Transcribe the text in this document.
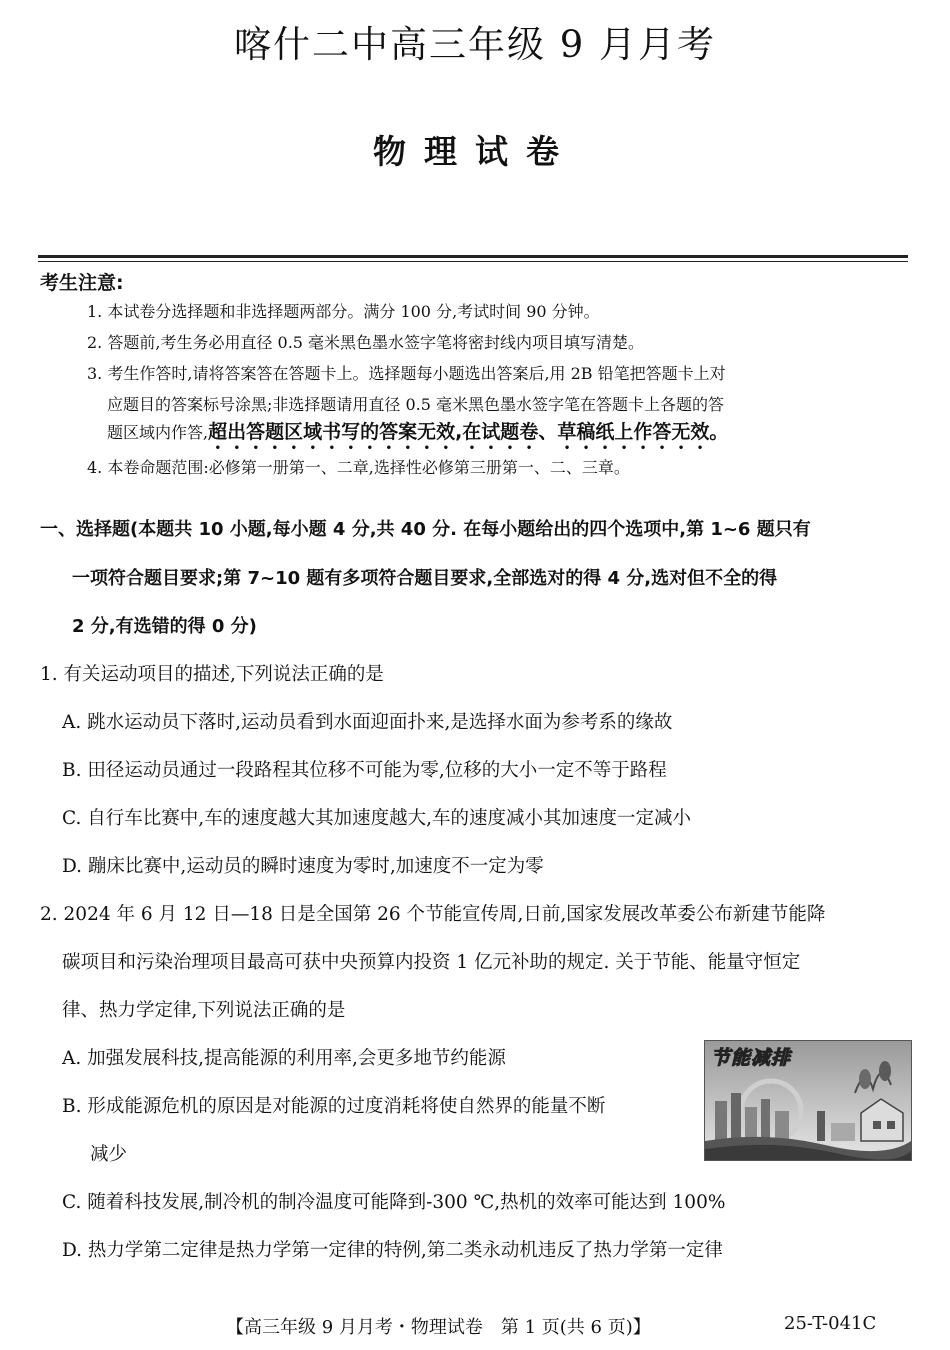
喀什二中高三年级 9 月月考
物理试卷
考生注意:
1. 本试卷分选择题和非选择题两部分。满分 100 分,考试时间 90 分钟。
2. 答题前,考生务必用直径 0.5 毫米黑色墨水签字笔将密封线内项目填写清楚。
3. 考生作答时,请将答案答在答题卡上。选择题每小题选出答案后,用 2B 铅笔把答题卡上对
应题目的答案标号涂黑;非选择题请用直径 0.5 毫米黑色墨水签字笔在答题卡上各题的答
题区域内作答,超出答题区域书写的答案无效,在试题卷、草稿纸上作答无效。
4. 本卷命题范围:必修第一册第一、二章,选择性必修第三册第一、二、三章。
一、选择题(本题共 10 小题,每小题 4 分,共 40 分. 在每小题给出的四个选项中,第 1~6 题只有
一项符合题目要求;第 7~10 题有多项符合题目要求,全部选对的得 4 分,选对但不全的得
2 分,有选错的得 0 分)
1. 有关运动项目的描述,下列说法正确的是
A. 跳水运动员下落时,运动员看到水面迎面扑来,是选择水面为参考系的缘故
B. 田径运动员通过一段路程其位移不可能为零,位移的大小一定不等于路程
C. 自行车比赛中,车的速度越大其加速度越大,车的速度减小其加速度一定减小
D. 蹦床比赛中,运动员的瞬时速度为零时,加速度不一定为零
2. 2024 年 6 月 12 日—18 日是全国第 26 个节能宣传周,日前,国家发展改革委公布新建节能降
碳项目和污染治理项目最高可获中央预算内投资 1 亿元补助的规定. 关于节能、能量守恒定
律、热力学定律,下列说法正确的是
A. 加强发展科技,提高能源的利用率,会更多地节约能源
B. 形成能源危机的原因是对能源的过度消耗将使自然界的能量不断
减少
C. 随着科技发展,制冷机的制冷温度可能降到-300 ℃,热机的效率可能达到 100%
D. 热力学第二定律是热力学第一定律的特例,第二类永动机违反了热力学第一定律
节能减排
【高三年级 9 月月考・物理试卷　第 1 页(共 6 页)】	25-T-041C
